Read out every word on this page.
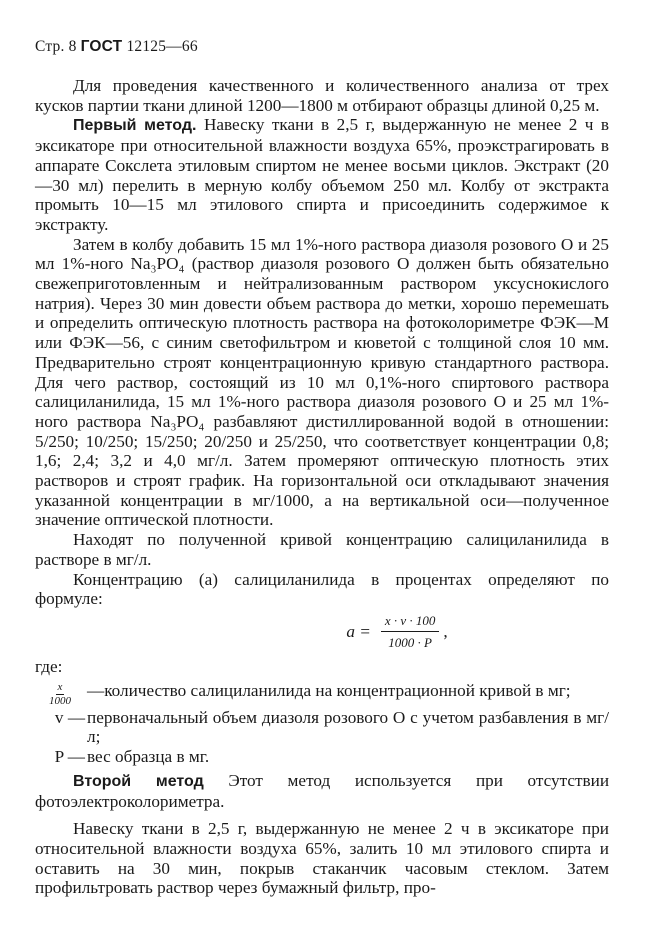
Стр. 8 ГОСТ 12125—66

Для проведения качественного и количественного анализа от трех кусков партии ткани длиной 1200—1800 м отбирают образцы длиной 0,25 м.

Первый метод. Навеску ткани в 2,5 г, выдержанную не менее 2 ч в эксикаторе при относительной влажности воздуха 65%, проэкстрагировать в аппарате Сокслета этиловым спиртом не менее восьми циклов. Экстракт (20—30 мл) перелить в мерную колбу объемом 250 мл. Колбу от экстракта промыть 10—15 мл этилового спирта и присоединить содержимое к экстракту.

Затем в колбу добавить 15 мл 1%-ного раствора диазоля розового О и 25 мл 1%-ного Na₃PO₄ (раствор диазоля розового О должен быть обязательно свежеприготовленным и нейтрализованным раствором уксуснокислого натрия). Через 30 мин довести объем раствора до метки, хорошо перемешать и определить оптическую плотность раствора на фотоколориметре ФЭК—М или ФЭК—56, с синим светофильтром и кюветой с толщиной слоя 10 мм. Предварительно строят концентрационную кривую стандартного раствора. Для чего раствор, состоящий из 10 мл 0,1%-ного спиртового раствора салициланилида, 15 мл 1%-ного раствора диазоля розового О и 25 мл 1%-ного раствора Na₃PO₄ разбавляют дистиллированной водой в отношении: 5/250; 10/250; 15/250; 20/250 и 25/250, что соответствует концентрации 0,8; 1,6; 2,4; 3,2 и 4,0 мг/л. Затем промеряют оптическую плотность этих растворов и строят график. На горизонтальной оси откладывают значения указанной концентрации в мг/1000, а на вертикальной оси—полученное значение оптической плотности.

Находят по полученной кривой концентрацию салициланилида в растворе в мг/л.

Концентрацию (а) салициланилида в процентах определяют по формуле:

$a = \frac{x \cdot v \cdot 100}{1000 \cdot P}$ ,

где:

$\frac{x}{1000}$ —количество салициланилида на концентрационной кривой в мг;
v — первоначальный объем диазоля розового О с учетом разбавления в мг/л;
P — вес образца в мг.

Второй метод Этот метод используется при отсутствии фотоэлектроколориметра.

Навеску ткани в 2,5 г, выдержанную не менее 2 ч в эксикаторе при относительной влажности воздуха 65%, залить 10 мл этилового спирта и оставить на 30 мин, покрыв стаканчик часовым стеклом. Затем профильтровать раствор через бумажный фильтр, про-
